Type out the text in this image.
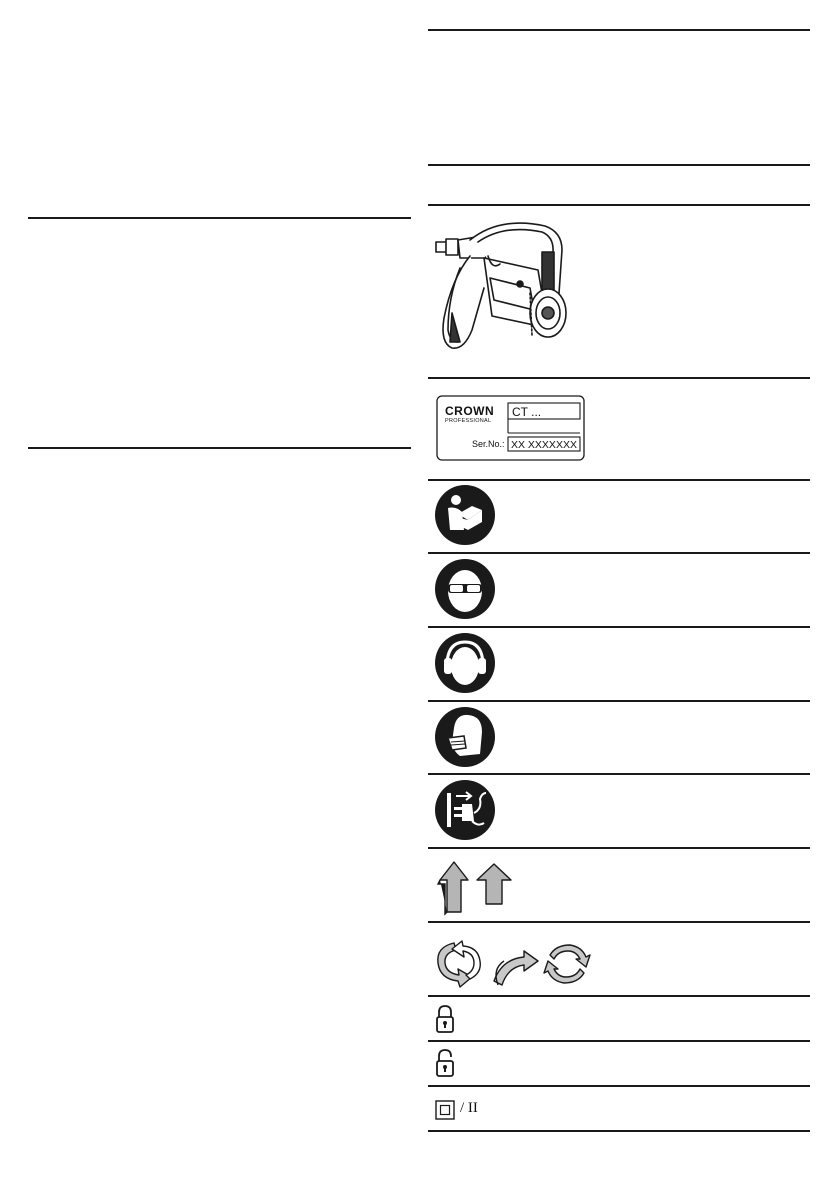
CROWN
PROFESSIONAL
CT ...
Ser.No.: XX XXXXXXX
/ II
